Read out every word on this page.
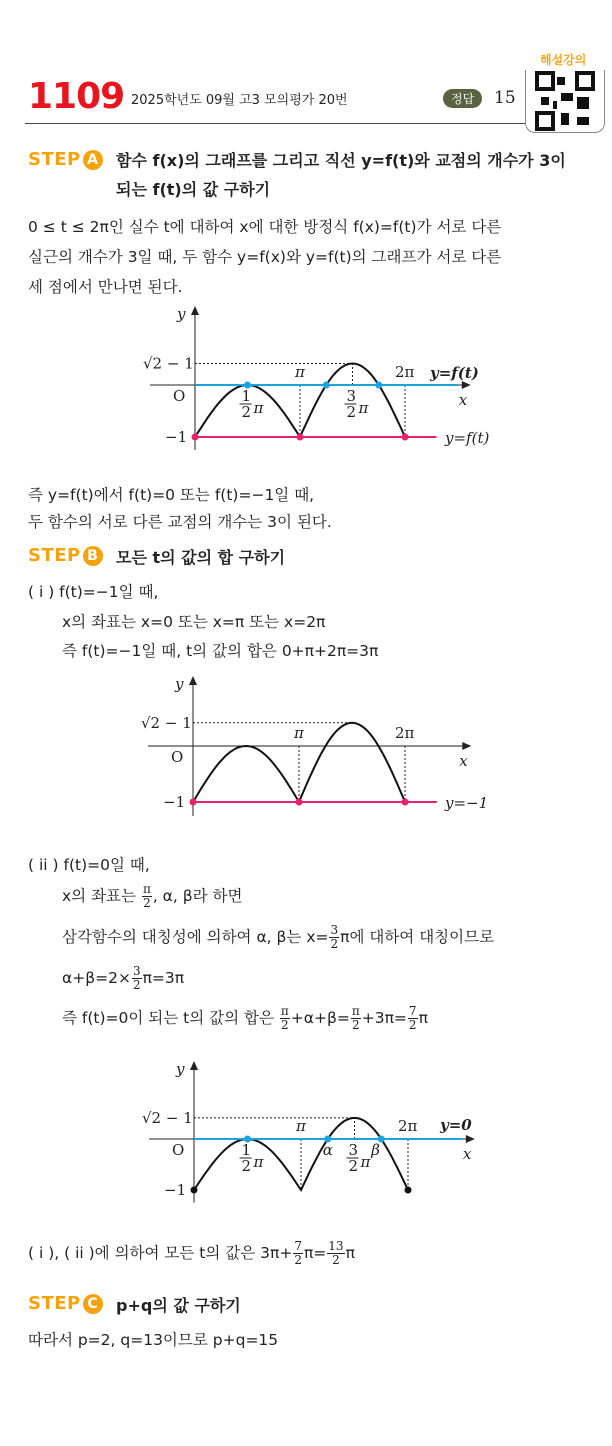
1109 2025학년도 09월 고3 모의평가 20번	정답	15
해설강의
STEP A 함수 f(x)의 그래프를 그리고 직선 y=f(t)와 교점의 개수가 3이
되는 f(t)의 값 구하기
0 ≤ t ≤ 2π인 실수 t에 대하여 x에 대한 방정식 f(x)=f(t)가 서로 다른
실근의 개수가 3일 때, 두 함수 y=f(x)와 y=f(t)의 그래프가 서로 다른
세 점에서 만나면 된다.
y
x
O
√2 − 1
−1
π	2π
1
2 π
3
2 π
y=f(t)
y=f(t)
y
x
O
√2 − 1
−1
π	2π
y=−1
y
x
O
√2 − 1
−1
π	2π
1
2 π
3
2 π
α	β
y=0
즉 y=f(t)에서 f(t)=0 또는 f(t)=−1일 때,
두 함수의 서로 다른 교점의 개수는 3이 된다.
STEP B 모든 t의 값의 합 구하기
( i ) f(t)=−1일 때,
x의 좌표는 x=0 또는 x=π 또는 x=2π
즉 f(t)=−1일 때, t의 값의 합은 0+π+2π=3π
( ii ) f(t)=0일 때,
x의 좌표는 $\frac{\pi}{2}$ , α, β라 하면
삼각함수의 대칭성에 의하여 α, β는 $x= \frac{3}{2}$ π에 대하여 대칭이므로
$\alpha+\beta=2\times \frac{3}{2} \pi=3\pi$
즉 f(t)=0이 되는 t의 값의 합은 $\frac{\pi}{2} +\alpha+\beta= \frac{\pi}{2} +3\pi= \frac{7}{2}$ π
( i ), ( ii )에 의하여 모든 t의 값은 $3\pi+ \frac{7}{2} \pi= \frac{13}{2}$ π
STEP C p+q의 값 구하기
따라서 p=2, q=13이므로 p+q=15
